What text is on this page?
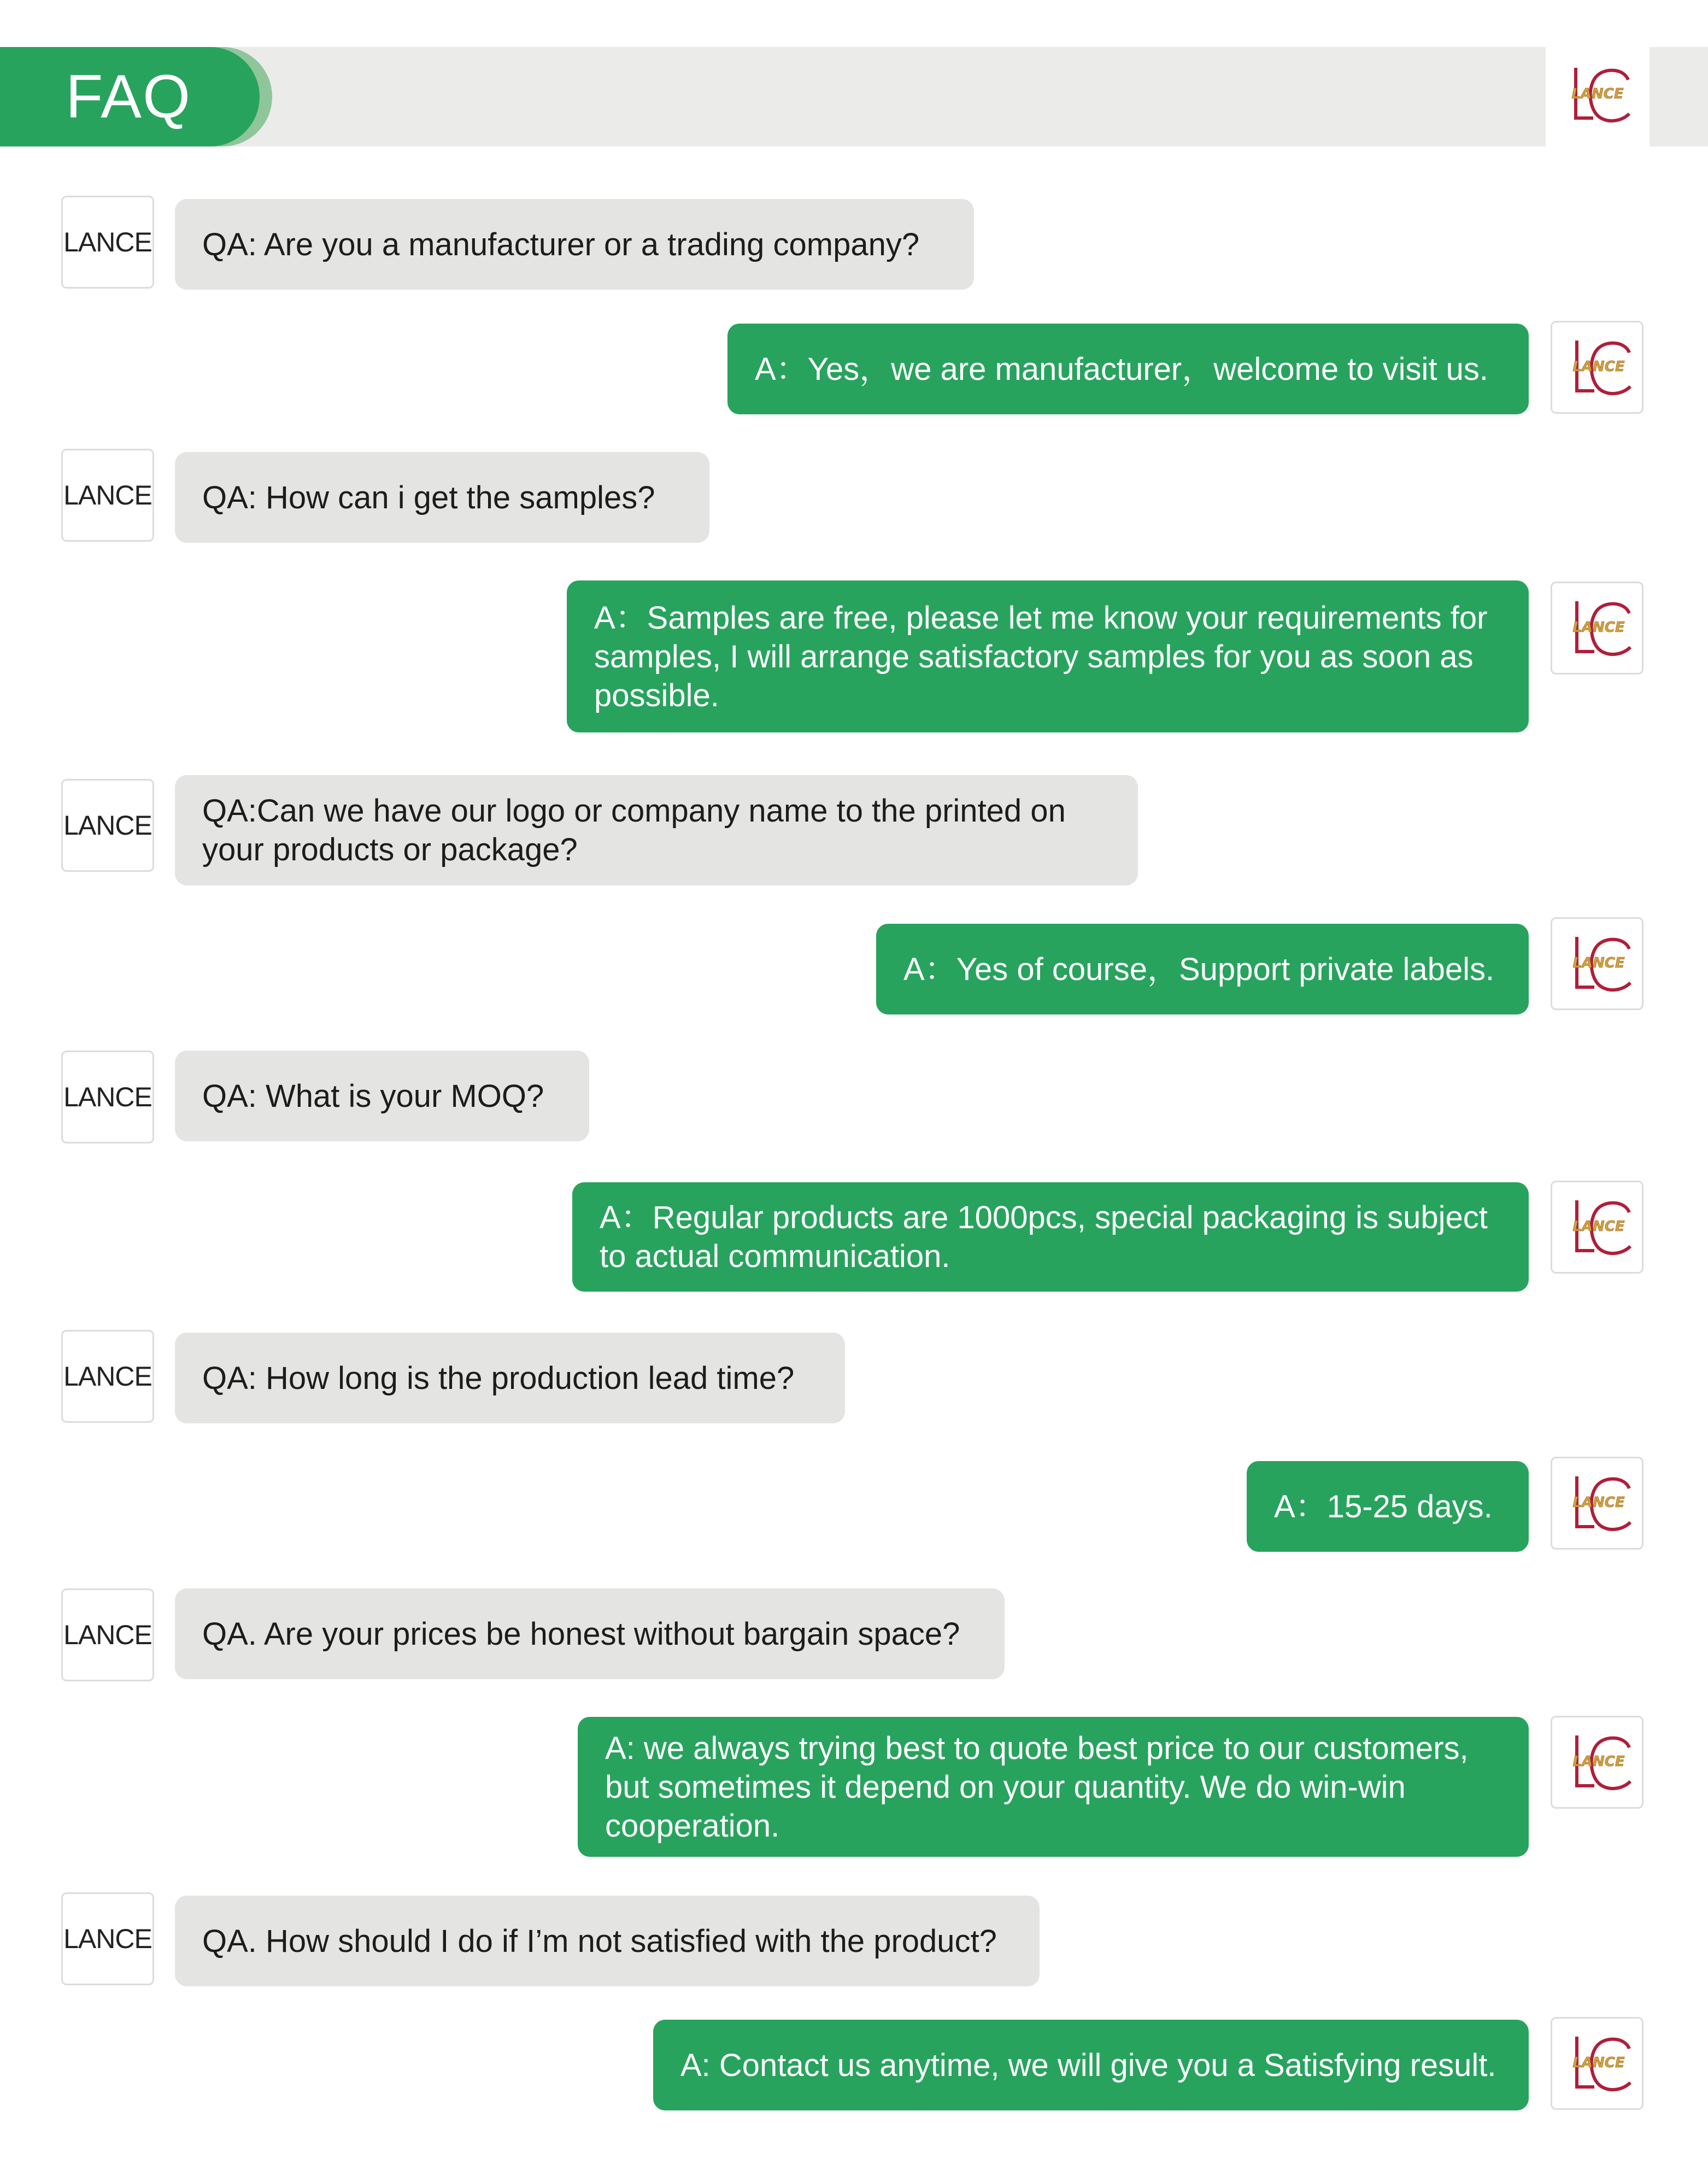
FAQ	LANCE
LANCE QA: Are you a manufacturer or a trading company?
LANCE
A：Yes，we are manufacturer，welcome to visit us.
LANCE QA: How can i get the samples?
LANCE
A：Samples are free, please let me know your requirements for samples, I will arrange satisfactory samples for you as soon as possible.
LANCE QA:Can we have our logo or company name to the printed on your products or package?
LANCE
A：Yes of course，Support private labels.
LANCE QA: What is your MOQ?
LANCE
A：Regular products are 1000pcs, special packaging is subject to actual communication.
LANCE QA: How long is the production lead time?
LANCE
A：15-25 days.
LANCE QA. Are your prices be honest without bargain space?
LANCE
A: we always trying best to quote best price to our customers, but sometimes it depend on your quantity. We do win-win cooperation.
LANCE QA. How should I do if I’m not satisfied with the product?
LANCE
A: Contact us anytime, we will give you a Satisfying result.
